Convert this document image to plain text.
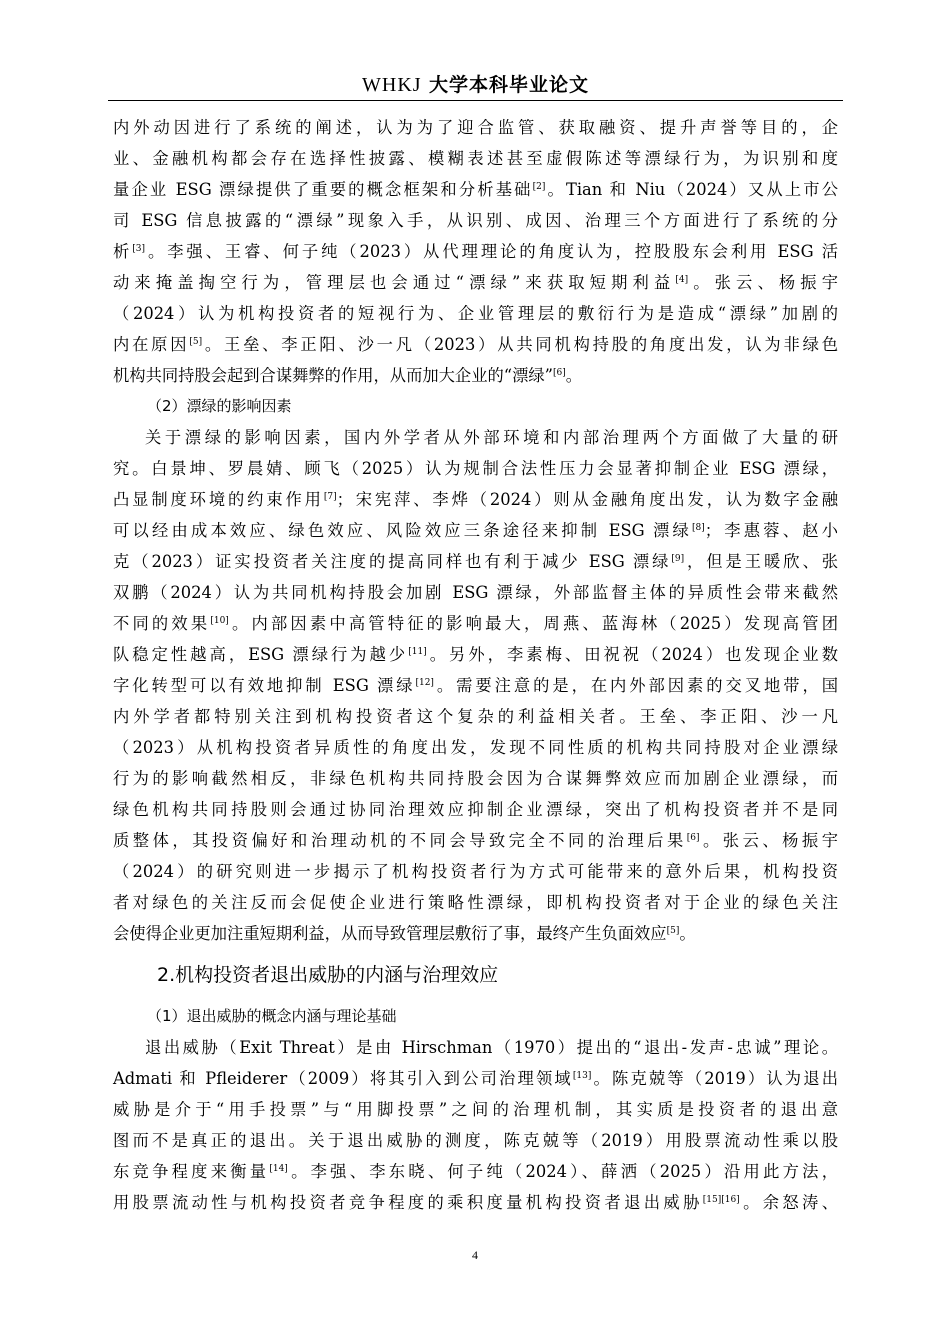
WHKJ 大学本科毕业论文
内外动因进行了系统的阐述，认为为了迎合监管、获取融资、提升声誉等目的，企
业、金融机构都会存在选择性披露、模糊表述甚至虚假陈述等漂绿行为，为识别和度
量企业 ESG 漂绿提供了重要的概念框架和分析基础[2]。Tian 和 Niu（2024）又从上市公
司 ESG 信息披露的“漂绿”现象入手，从识别、成因、治理三个方面进行了系统的分
析[3]。李强、王睿、何子纯（2023）从代理理论的角度认为，控股股东会利用 ESG 活
动来掩盖掏空行为，管理层也会通过“漂绿”来获取短期利益[4]。张云、杨振宇
（2024）认为机构投资者的短视行为、企业管理层的敷衍行为是造成“漂绿”加剧的
内在原因[5]。王垒、李正阳、沙一凡（2023）从共同机构持股的角度出发，认为非绿色
机构共同持股会起到合谋舞弊的作用，从而加大企业的“漂绿”[6]。
（2）漂绿的影响因素
关于漂绿的影响因素，国内外学者从外部环境和内部治理两个方面做了大量的研
究。白景坤、罗晨婧、顾飞（2025）认为规制合法性压力会显著抑制企业 ESG 漂绿，
凸显制度环境的约束作用[7]；宋宪萍、李烨（2024）则从金融角度出发，认为数字金融
可以经由成本效应、绿色效应、风险效应三条途径来抑制 ESG 漂绿[8]；李惠蓉、赵小
克（2023）证实投资者关注度的提高同样也有利于减少 ESG 漂绿[9]，但是王暖欣、张
双鹏（2024）认为共同机构持股会加剧 ESG 漂绿，外部监督主体的异质性会带来截然
不同的效果[10]。内部因素中高管特征的影响最大，周燕、蓝海林（2025）发现高管团
队稳定性越高，ESG 漂绿行为越少[11]。另外，李素梅、田祝祝（2024）也发现企业数
字化转型可以有效地抑制 ESG 漂绿[12]。需要注意的是，在内外部因素的交叉地带，国
内外学者都特别关注到机构投资者这个复杂的利益相关者。王垒、李正阳、沙一凡
（2023）从机构投资者异质性的角度出发，发现不同性质的机构共同持股对企业漂绿
行为的影响截然相反，非绿色机构共同持股会因为合谋舞弊效应而加剧企业漂绿，而
绿色机构共同持股则会通过协同治理效应抑制企业漂绿，突出了机构投资者并不是同
质整体，其投资偏好和治理动机的不同会导致完全不同的治理后果[6]。张云、杨振宇
（2024）的研究则进一步揭示了机构投资者行为方式可能带来的意外后果，机构投资
者对绿色的关注反而会促使企业进行策略性漂绿，即机构投资者对于企业的绿色关注
会使得企业更加注重短期利益，从而导致管理层敷衍了事，最终产生负面效应[5]。
2.机构投资者退出威胁的内涵与治理效应
（1）退出威胁的概念内涵与理论基础
退出威胁（Exit Threat）是由 Hirschman（1970）提出的“退出-发声-忠诚”理论。
Admati 和 Pfleiderer（2009）将其引入到公司治理领域[13]。陈克兢等（2019）认为退出
威胁是介于“用手投票”与“用脚投票”之间的治理机制，其实质是投资者的退出意
图而不是真正的退出。关于退出威胁的测度，陈克兢等（2019）用股票流动性乘以股
东竞争程度来衡量[14]。李强、李东晓、何子纯（2024）、薛洒（2025）沿用此方法，
用股票流动性与机构投资者竞争程度的乘积度量机构投资者退出威胁[15][16]。余怒涛、
4
